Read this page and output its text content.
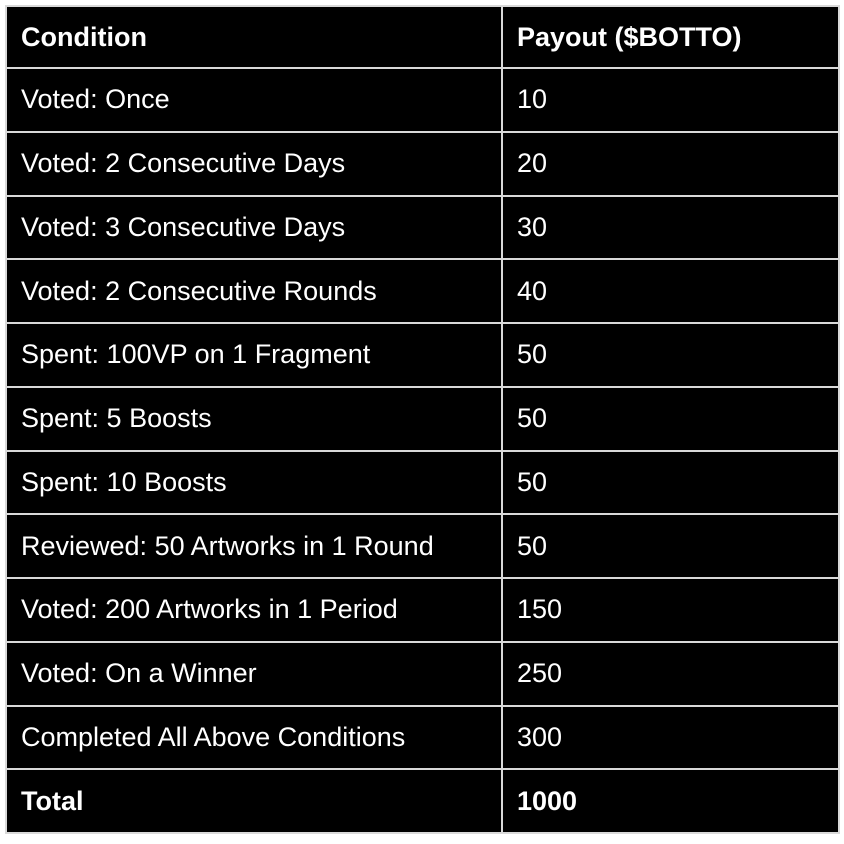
Condition	Payout ($BOTTO)
Voted: Once	10
Voted: 2 Consecutive Days	20
Voted: 3 Consecutive Days	30
Voted: 2 Consecutive Rounds	40
Spent: 100VP on 1 Fragment	50
Spent: 5 Boosts	50
Spent: 10 Boosts	50
Reviewed: 50 Artworks in 1 Round	50
Voted: 200 Artworks in 1 Period	150
Voted: On a Winner	250
Completed All Above Conditions	300
Total	1000
